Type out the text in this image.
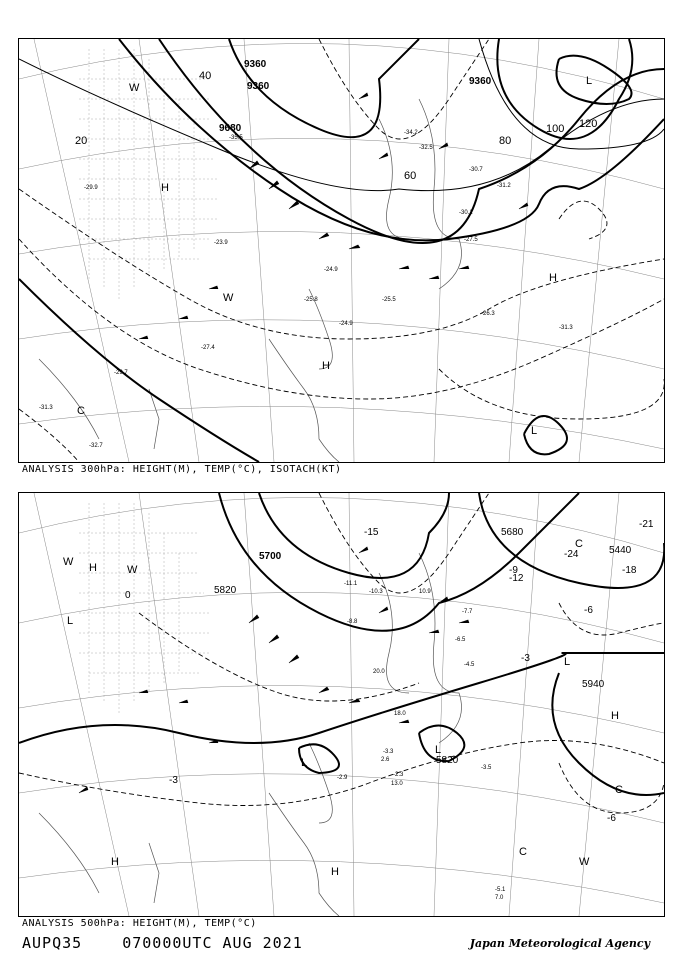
9360
9360
9680
9360
20
40
60
80
100 120
-29.7
-29.9
-25.8	-25.5
-24.9
-31.3
-26.3
-27.5
-30.1
-30.7
-31.2
-34.2
-35.5
-23.9
-24.9
-27.4
-31.3
-32.7
-32.5
H
H
H
C
W
W
L
L
ANALYSIS 300hPa: HEIGHT(M), TEMP(°C), ISOTACH(KT)
5700
5820
5680
5940
5820
5440
-6
-3
0
-9
-12
-15
-18
-21
-24
-6
-3
-11.1
-10.3
-8.8
-7.7
-6.5
-4.5
-3.3
-2.3
-3.5
-2.9
-5.1
7.0
13.0
20.0
18.0
10.9
2.6
H
H
H
H
L
L
L
L
W
W
W
C
C
C
ANALYSIS 500hPa: HEIGHT(M), TEMP(°C)
AUPQ35	070000UTC AUG 2021	Japan Meteorological Agency
